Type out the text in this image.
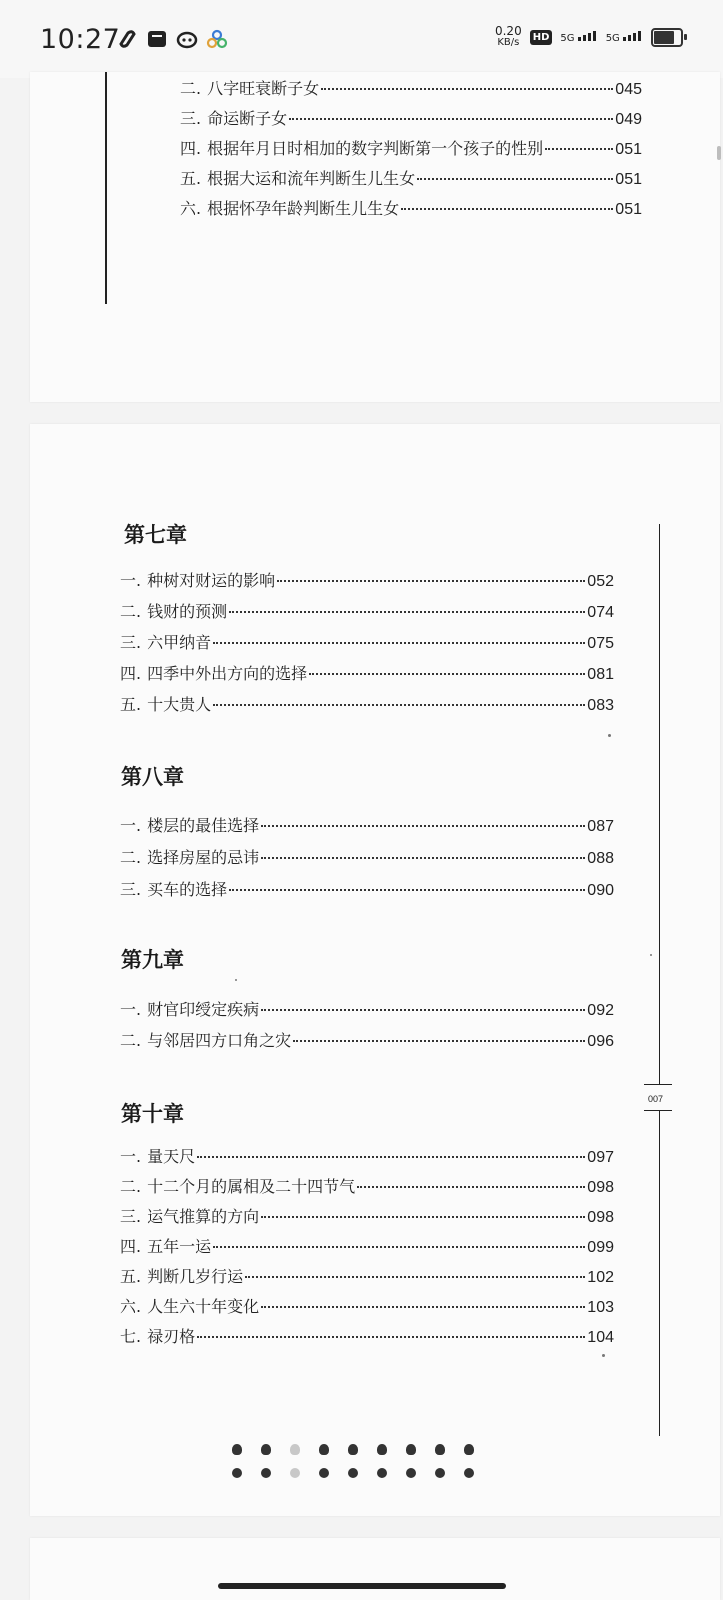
10:27	0.20
KB/s	HD	5G	5G
二. 八字旺衰断子女	045
三. 命运断子女	049
四. 根据年月日时相加的数字判断第一个孩子的性别	051
五. 根据大运和流年判断生儿生女	051
六. 根据怀孕年龄判断生儿生女	051
007
第七章
一. 种树对财运的影响	052
二. 钱财的预测	074
三. 六甲纳音	075
四. 四季中外出方向的选择	081
五. 十大贵人	083
第八章
一. 楼层的最佳选择	087
二. 选择房屋的忌讳	088
三. 买车的选择	090
第九章
一. 财官印绶定疾病	092
二. 与邻居四方口角之灾	096
第十章
一. 量天尺	097
二. 十二个月的属相及二十四节气	098
三. 运气推算的方向	098
四. 五年一运	099
五. 判断几岁行运	102
六. 人生六十年变化	103
七. 禄刃格	104
